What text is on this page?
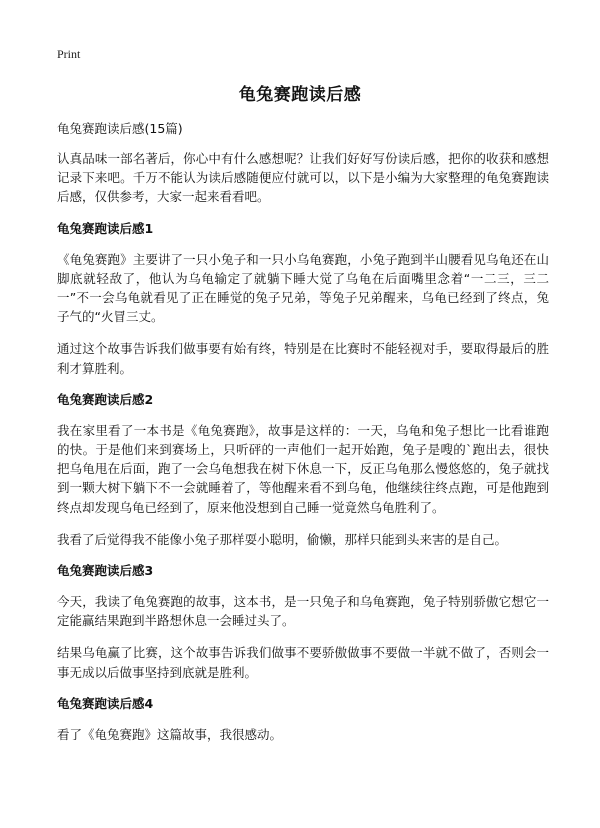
Print
龟兔赛跑读后感
龟兔赛跑读后感(15篇)
认真品味一部名著后，你心中有什么感想呢？让我们好好写份读后感，把你的收获和感想记录下来吧。千万不能认为读后感随便应付就可以，以下是小编为大家整理的龟兔赛跑读后感，仅供参考，大家一起来看看吧。
龟兔赛跑读后感1
《龟兔赛跑》主要讲了一只小兔子和一只小乌龟赛跑，小兔子跑到半山腰看见乌龟还在山脚底就轻敌了，他认为乌龟输定了就躺下睡大觉了乌龟在后面嘴里念着“一二三，三二一”不一会乌龟就看见了正在睡觉的兔子兄弟，等兔子兄弟醒来，乌龟已经到了终点，兔子气的“火冒三丈。
通过这个故事告诉我们做事要有始有终，特别是在比赛时不能轻视对手，要取得最后的胜利才算胜利。
龟兔赛跑读后感2
我在家里看了一本书是《龟兔赛跑》，故事是这样的：一天，乌龟和兔子想比一比看谁跑的快。于是他们来到赛场上，只听砰的一声他们一起开始跑，兔子是嗖的`跑出去，很快把乌龟甩在后面，跑了一会乌龟想我在树下休息一下，反正乌龟那么慢悠悠的，兔子就找到一颗大树下躺下不一会就睡着了，等他醒来看不到乌龟，他继续往终点跑，可是他跑到终点却发现乌龟已经到了，原来他没想到自己睡一觉竟然乌龟胜利了。
我看了后觉得我不能像小兔子那样耍小聪明，偷懒，那样只能到头来害的是自己。
龟兔赛跑读后感3
今天，我读了龟兔赛跑的故事，这本书，是一只兔子和乌龟赛跑，兔子特别骄傲它想它一定能赢结果跑到半路想休息一会睡过头了。
结果乌龟赢了比赛，这个故事告诉我们做事不要骄傲做事不要做一半就不做了，否则会一事无成以后做事坚持到底就是胜利。
龟兔赛跑读后感4
看了《龟兔赛跑》这篇故事，我很感动。
